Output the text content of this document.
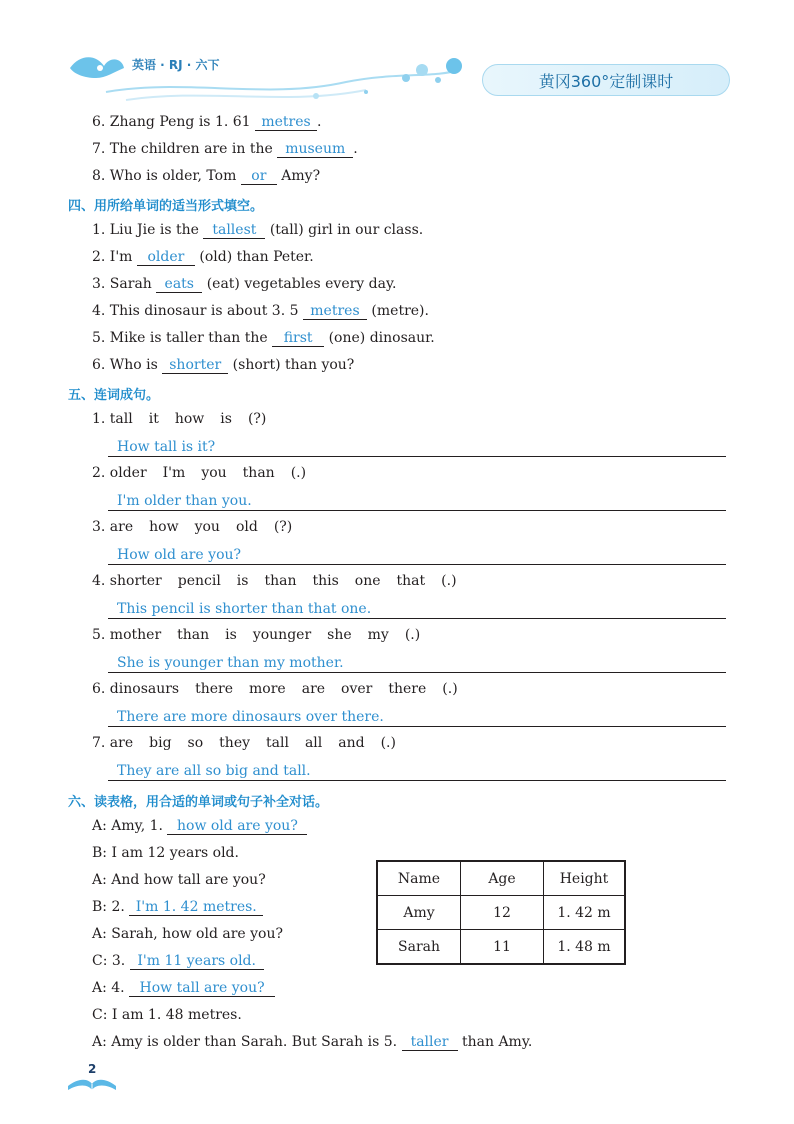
英语 · RJ · 六下
黄冈360°定制课时
6. Zhang Peng is 1. 61 metres .
7. The children are in the museum .
8. Who is older, Tom or Amy?
四、用所给单词的适当形式填空。
1. Liu Jie is the tallest (tall) girl in our class.
2. I'm older (old) than Peter.
3. Sarah eats (eat) vegetables every day.
4. This dinosaur is about 3. 5 metres (metre).
5. Mike is taller than the first (one) dinosaur.
6. Who is shorter (short) than you?
五、连词成句。
1. tall it how is (?)
How tall is it?
2. older I'm you than (.)
I'm older than you.
3. are how you old (?)
How old are you?
4. shorter pencil is than this one that (.)
This pencil is shorter than that one.
5. mother than is younger she my (.)
She is younger than my mother.
6. dinosaurs there more are over there (.)
There are more dinosaurs over there.
7. are big so they tall all and (.)
They are all so big and tall.
六、读表格，用合适的单词或句子补全对话。
A: Amy, 1. how old are you?
B: I am 12 years old.
A: And how tall are you?
B: 2. I'm 1. 42 metres.
A: Sarah, how old are you?
C: 3. I'm 11 years old.
A: 4. How tall are you?
C: I am 1. 48 metres.
A: Amy is older than Sarah. But Sarah is 5. taller than Amy.
Name	Age	Height
Amy	12	1. 42 m
Sarah	11	1. 48 m
2
